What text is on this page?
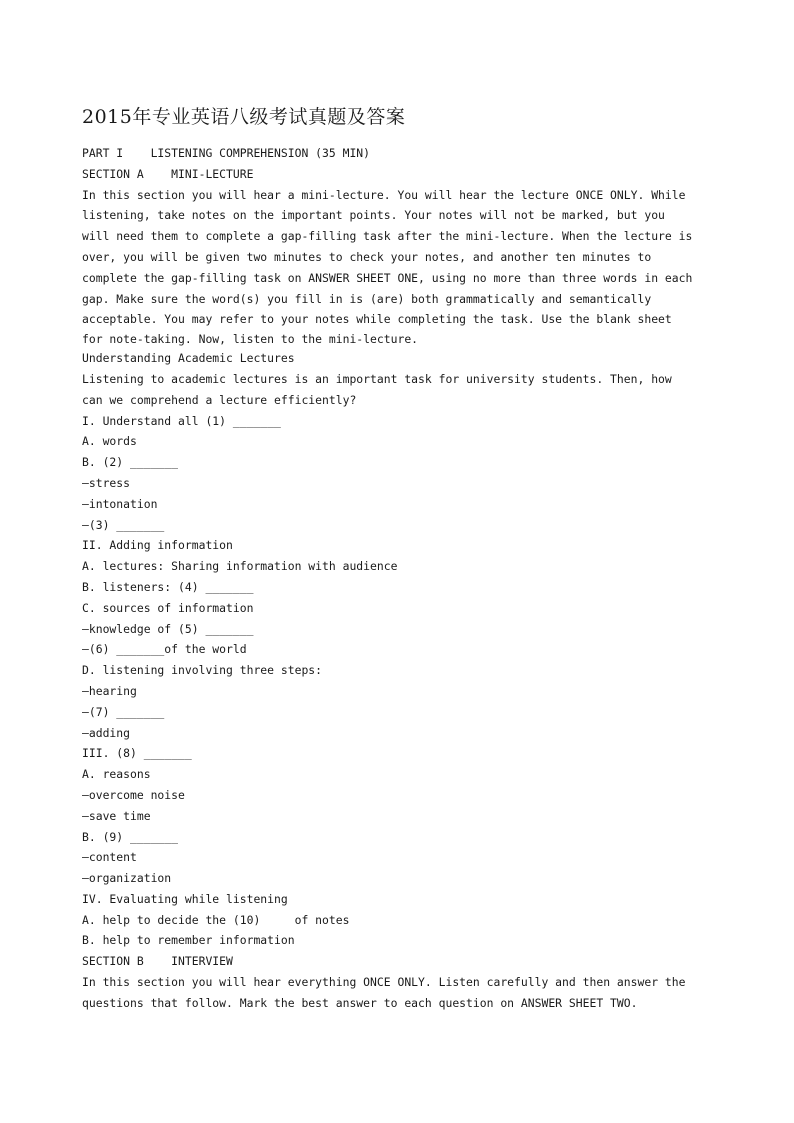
2015年专业英语八级考试真题及答案

PART I    LISTENING COMPREHENSION (35 MIN)

SECTION A    MINI-LECTURE

In this section you will hear a mini-lecture. You will hear the lecture ONCE ONLY. While
listening, take notes on the important points. Your notes will not be marked, but you
will need them to complete a gap-filling task after the mini-lecture. When the lecture is
over, you will be given two minutes to check your notes, and another ten minutes to
complete the gap-filling task on ANSWER SHEET ONE, using no more than three words in each
gap. Make sure the word(s) you fill in is (are) both grammatically and semantically
acceptable. You may refer to your notes while completing the task. Use the blank sheet
for note-taking. Now, listen to the mini-lecture.

Understanding Academic Lectures

Listening to academic lectures is an important task for university students. Then, how
can we comprehend a lecture efficiently?
I. Understand all (1) _______
A. words
B. (2) _______
—stress
—intonation
—(3) _______
II. Adding information
A. lectures: Sharing information with audience
B. listeners: (4) _______
C. sources of information
—knowledge of (5) _______
—(6) _______of the world
D. listening involving three steps:
—hearing
—(7) _______
—adding
III. (8) _______
A. reasons
—overcome noise
—save time
B. (9) _______
—content
—organization
IV. Evaluating while listening
A. help to decide the (10)     of notes
B. help to remember information

SECTION B    INTERVIEW

In this section you will hear everything ONCE ONLY. Listen carefully and then answer the
questions that follow. Mark the best answer to each question on ANSWER SHEET TWO.
